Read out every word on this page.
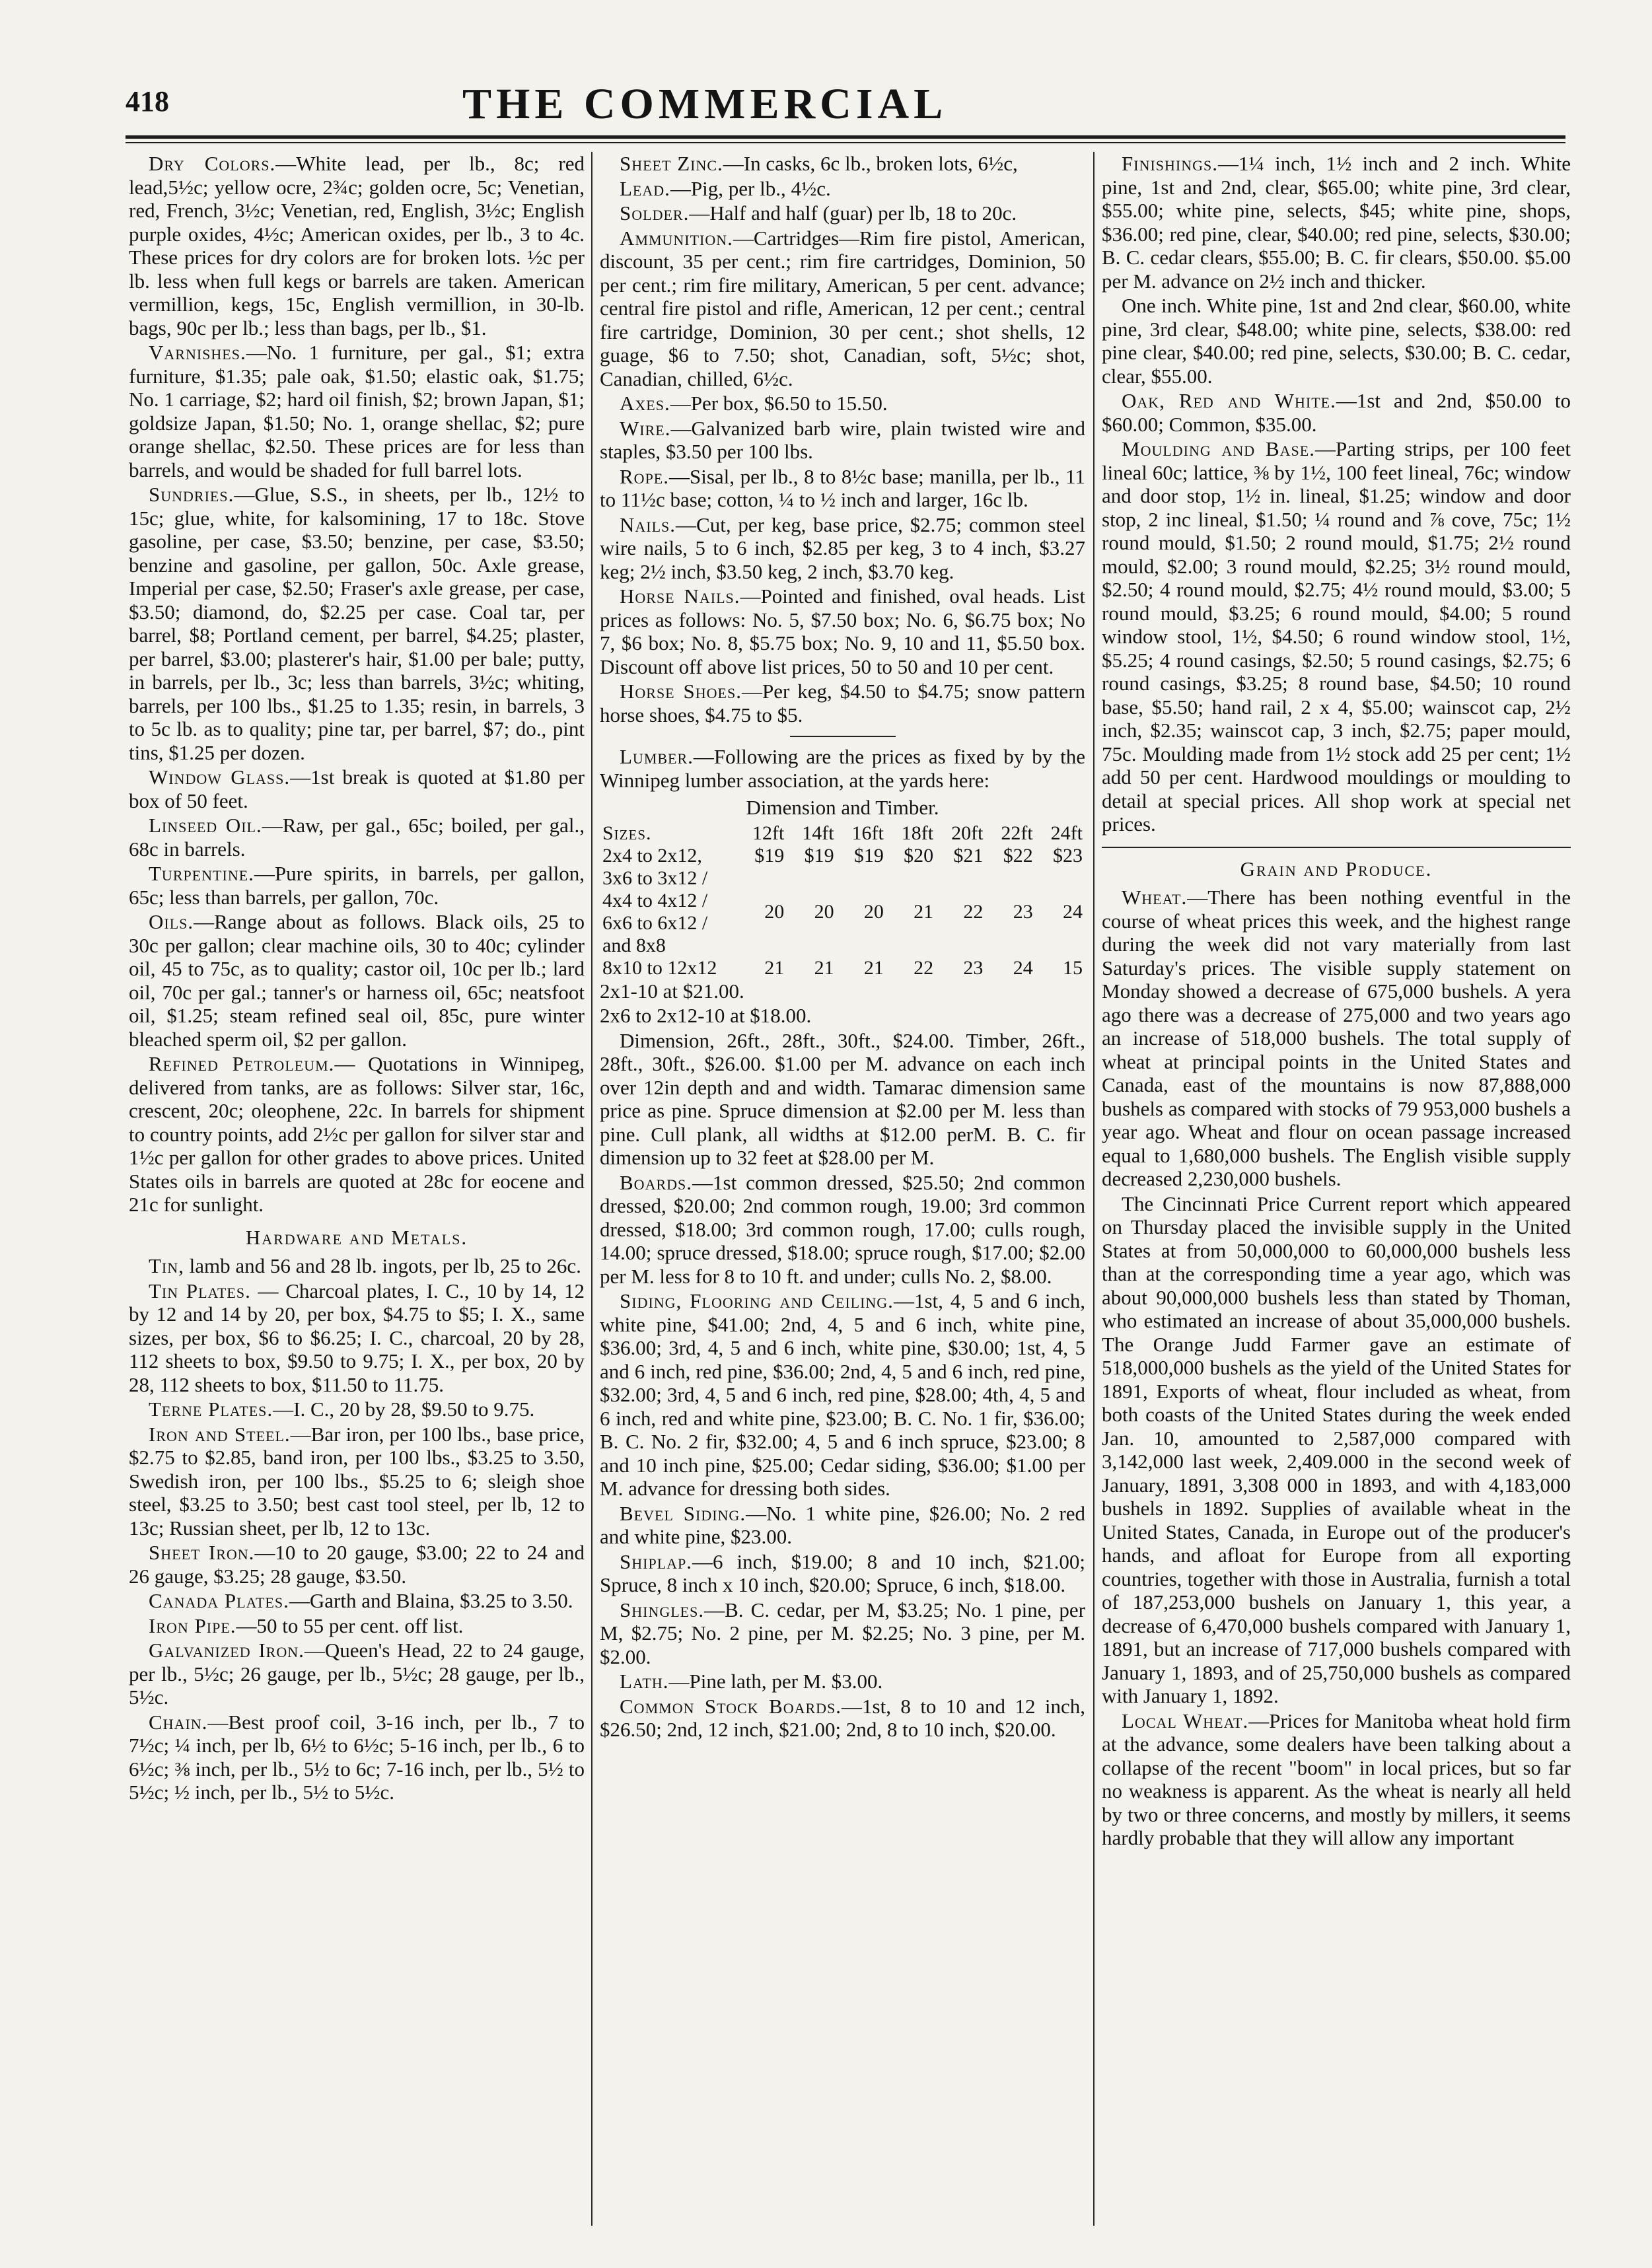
418	THE COMMERCIAL

Dry Colors.—White lead, per lb., 8c; red lead,5½c; yellow ocre, 2¾c; golden ocre, 5c; Venetian, red, French, 3½c; Venetian, red, English, 3½c; English purple oxides, 4½c; American oxides, per lb., 3 to 4c. These prices for dry colors are for broken lots. ½c per lb. less when full kegs or barrels are taken. American vermillion, kegs, 15c, English vermillion, in 30-lb. bags, 90c per lb.; less than bags, per lb., $1.

Varnishes.—No. 1 furniture, per gal., $1; extra furniture, $1.35; pale oak, $1.50; elastic oak, $1.75; No. 1 carriage, $2; hard oil finish, $2; brown Japan, $1; goldsize Japan, $1.50; No. 1, orange shellac, $2; pure orange shellac, $2.50. These prices are for less than barrels, and would be shaded for full barrel lots.

Sundries.—Glue, S.S., in sheets, per lb., 12½ to 15c; glue, white, for kalsomining, 17 to 18c. Stove gasoline, per case, $3.50; benzine, per case, $3.50; benzine and gasoline, per gallon, 50c. Axle grease, Imperial per case, $2.50; Fraser's axle grease, per case, $3.50; diamond, do, $2.25 per case. Coal tar, per barrel, $8; Portland cement, per barrel, $4.25; plaster, per barrel, $3.00; plasterer's hair, $1.00 per bale; putty, in barrels, per lb., 3c; less than barrels, 3½c; whiting, barrels, per 100 lbs., $1.25 to 1.35; resin, in barrels, 3 to 5c lb. as to quality; pine tar, per barrel, $7; do., pint tins, $1.25 per dozen.

Window Glass.—1st break is quoted at $1.80 per box of 50 feet.

Linseed Oil.—Raw, per gal., 65c; boiled, per gal., 68c in barrels.

Turpentine.—Pure spirits, in barrels, per gallon, 65c; less than barrels, per gallon, 70c.

Oils.—Range about as follows. Black oils, 25 to 30c per gallon; clear machine oils, 30 to 40c; cylinder oil, 45 to 75c, as to quality; castor oil, 10c per lb.; lard oil, 70c per gal.; tanner's or harness oil, 65c; neatsfoot oil, $1.25; steam refined seal oil, 85c, pure winter bleached sperm oil, $2 per gallon.

Refined Petroleum.— Quotations in Winnipeg, delivered from tanks, are as follows: Silver star, 16c, crescent, 20c; oleophene, 22c. In barrels for shipment to country points, add 2½c per gallon for silver star and 1½c per gallon for other grades to above prices. United States oils in barrels are quoted at 28c for eocene and 21c for sunlight.

Hardware and Metals.

Tin, lamb and 56 and 28 lb. ingots, per lb, 25 to 26c.

Tin Plates. — Charcoal plates, I. C., 10 by 14, 12 by 12 and 14 by 20, per box, $4.75 to $5; I. X., same sizes, per box, $6 to $6.25; I. C., charcoal, 20 by 28, 112 sheets to box, $9.50 to 9.75; I. X., per box, 20 by 28, 112 sheets to box, $11.50 to 11.75.

Terne Plates.—I. C., 20 by 28, $9.50 to 9.75.

Iron and Steel.—Bar iron, per 100 lbs., base price, $2.75 to $2.85, band iron, per 100 lbs., $3.25 to 3.50, Swedish iron, per 100 lbs., $5.25 to 6; sleigh shoe steel, $3.25 to 3.50; best cast tool steel, per lb, 12 to 13c; Russian sheet, per lb, 12 to 13c.

Sheet Iron.—10 to 20 gauge, $3.00; 22 to 24 and 26 gauge, $3.25; 28 gauge, $3.50.

Canada Plates.—Garth and Blaina, $3.25 to 3.50.

Iron Pipe.—50 to 55 per cent. off list.

Galvanized Iron.—Queen's Head, 22 to 24 gauge, per lb., 5½c; 26 gauge, per lb., 5½c; 28 gauge, per lb., 5½c.

Chain.—Best proof coil, 3-16 inch, per lb., 7 to 7½c; ¼ inch, per lb, 6½ to 6½c; 5-16 inch, per lb., 6 to 6½c; ⅜ inch, per lb., 5½ to 6c; 7-16 inch, per lb., 5½ to 5½c; ½ inch, per lb., 5½ to 5½c.

Sheet Zinc.—In casks, 6c lb., broken lots, 6½c,

Lead.—Pig, per lb., 4½c.

Solder.—Half and half (guar) per lb, 18 to 20c.

Ammunition.—Cartridges—Rim fire pistol, American, discount, 35 per cent.; rim fire cartridges, Dominion, 50 per cent.; rim fire military, American, 5 per cent. advance; central fire pistol and rifle, American, 12 per cent.; central fire cartridge, Dominion, 30 per cent.; shot shells, 12 guage, $6 to 7.50; shot, Canadian, soft, 5½c; shot, Canadian, chilled, 6½c.

Axes.—Per box, $6.50 to 15.50.

Wire.—Galvanized barb wire, plain twisted wire and staples, $3.50 per 100 lbs.

Rope.—Sisal, per lb., 8 to 8½c base; manilla, per lb., 11 to 11½c base; cotton, ¼ to ½ inch and larger, 16c lb.

Nails.—Cut, per keg, base price, $2.75; common steel wire nails, 5 to 6 inch, $2.85 per keg, 3 to 4 inch, $3.27 keg; 2½ inch, $3.50 keg, 2 inch, $3.70 keg.

Horse Nails.—Pointed and finished, oval heads. List prices as follows: No. 5, $7.50 box; No. 6, $6.75 box; No 7, $6 box; No. 8, $5.75 box; No. 9, 10 and 11, $5.50 box. Discount off above list prices, 50 to 50 and 10 per cent.

Horse Shoes.—Per keg, $4.50 to $4.75; snow pattern horse shoes, $4.75 to $5.

Lumber.—Following are the prices as fixed by by the Winnipeg lumber association, at the yards here:

Dimension and Timber.

Sizes.	12ft	14ft	16ft	18ft	20ft	22ft	24ft
2x4 to 2x12,	$19	$19	$19	$20	$21	$22	$23
3x6 to 3x12 / 4x4 to 4x12 / 6x6 to 6x12 / and 8x8	20	20	20	21	22	23	24
8x10 to 12x12	21	21	21	22	23	24	15

2x1-10 at $21.00.

2x6 to 2x12-10 at $18.00.

Dimension, 26ft., 28ft., 30ft., $24.00. Timber, 26ft., 28ft., 30ft., $26.00. $1.00 per M. advance on each inch over 12in depth and and width. Tamarac dimension same price as pine. Spruce dimension at $2.00 per M. less than pine. Cull plank, all widths at $12.00 perM. B. C. fir dimension up to 32 feet at $28.00 per M.

Boards.—1st common dressed, $25.50; 2nd common dressed, $20.00; 2nd common rough, 19.00; 3rd common dressed, $18.00; 3rd common rough, 17.00; culls rough, 14.00; spruce dressed, $18.00; spruce rough, $17.00; $2.00 per M. less for 8 to 10 ft. and under; culls No. 2, $8.00.

Siding, Flooring and Ceiling.—1st, 4, 5 and 6 inch, white pine, $41.00; 2nd, 4, 5 and 6 inch, white pine, $36.00; 3rd, 4, 5 and 6 inch, white pine, $30.00; 1st, 4, 5 and 6 inch, red pine, $36.00; 2nd, 4, 5 and 6 inch, red pine, $32.00; 3rd, 4, 5 and 6 inch, red pine, $28.00; 4th, 4, 5 and 6 inch, red and white pine, $23.00; B. C. No. 1 fir, $36.00; B. C. No. 2 fir, $32.00; 4, 5 and 6 inch spruce, $23.00; 8 and 10 inch pine, $25.00; Cedar siding, $36.00; $1.00 per M. advance for dressing both sides.

Bevel Siding.—No. 1 white pine, $26.00; No. 2 red and white pine, $23.00.

Shiplap.—6 inch, $19.00; 8 and 10 inch, $21.00; Spruce, 8 inch x 10 inch, $20.00; Spruce, 6 inch, $18.00.

Shingles.—B. C. cedar, per M, $3.25; No. 1 pine, per M, $2.75; No. 2 pine, per M. $2.25; No. 3 pine, per M. $2.00.

Lath.—Pine lath, per M. $3.00.

Common Stock Boards.—1st, 8 to 10 and 12 inch, $26.50; 2nd, 12 inch, $21.00; 2nd, 8 to 10 inch, $20.00.

Finishings.—1¼ inch, 1½ inch and 2 inch. White pine, 1st and 2nd, clear, $65.00; white pine, 3rd clear, $55.00; white pine, selects, $45; white pine, shops, $36.00; red pine, clear, $40.00; red pine, selects, $30.00; B. C. cedar clears, $55.00; B. C. fir clears, $50.00. $5.00 per M. advance on 2½ inch and thicker.

One inch. White pine, 1st and 2nd clear, $60.00, white pine, 3rd clear, $48.00; white pine, selects, $38.00: red pine clear, $40.00; red pine, selects, $30.00; B. C. cedar, clear, $55.00.

Oak, Red and White.—1st and 2nd, $50.00 to $60.00; Common, $35.00.

Moulding and Base.—Parting strips, per 100 feet lineal 60c; lattice, ⅜ by 1½, 100 feet lineal, 76c; window and door stop, 1½ in. lineal, $1.25; window and door stop, 2 inc lineal, $1.50; ¼ round and ⅞ cove, 75c; 1½ round mould, $1.50; 2 round mould, $1.75; 2½ round mould, $2.00; 3 round mould, $2.25; 3½ round mould, $2.50; 4 round mould, $2.75; 4½ round mould, $3.00; 5 round mould, $3.25; 6 round mould, $4.00; 5 round window stool, 1½, $4.50; 6 round window stool, 1½, $5.25; 4 round casings, $2.50; 5 round casings, $2.75; 6 round casings, $3.25; 8 round base, $4.50; 10 round base, $5.50; hand rail, 2 x 4, $5.00; wainscot cap, 2½ inch, $2.35; wainscot cap, 3 inch, $2.75; paper mould, 75c. Moulding made from 1½ stock add 25 per cent; 1½ add 50 per cent. Hardwood mouldings or moulding to detail at special prices. All shop work at special net prices.

Grain and Produce.

Wheat.—There has been nothing eventful in the course of wheat prices this week, and the highest range during the week did not vary materially from last Saturday's prices. The visible supply statement on Monday showed a decrease of 675,000 bushels. A yera ago there was a decrease of 275,000 and two years ago an increase of 518,000 bushels. The total supply of wheat at principal points in the United States and Canada, east of the mountains is now 87,888,000 bushels as compared with stocks of 79 953,000 bushels a year ago. Wheat and flour on ocean passage increased equal to 1,680,000 bushels. The English visible supply decreased 2,230,000 bushels.

The Cincinnati Price Current report which appeared on Thursday placed the invisible supply in the United States at from 50,000,000 to 60,000,000 bushels less than at the corresponding time a year ago, which was about 90,000,000 bushels less than stated by Thoman, who estimated an increase of about 35,000,000 bushels. The Orange Judd Farmer gave an estimate of 518,000,000 bushels as the yield of the United States for 1891, Exports of wheat, flour included as wheat, from both coasts of the United States during the week ended Jan. 10, amounted to 2,587,000 compared with 3,142,000 last week, 2,409.000 in the second week of January, 1891, 3,308 000 in 1893, and with 4,183,000 bushels in 1892. Supplies of available wheat in the United States, Canada, in Europe out of the producer's hands, and afloat for Europe from all exporting countries, together with those in Australia, furnish a total of 187,253,000 bushels on January 1, this year, a decrease of 6,470,000 bushels compared with January 1, 1891, but an increase of 717,000 bushels compared with January 1, 1893, and of 25,750,000 bushels as compared with January 1, 1892.

Local Wheat.—Prices for Manitoba wheat hold firm at the advance, some dealers have been talking about a collapse of the recent "boom" in local prices, but so far no weakness is apparent. As the wheat is nearly all held by two or three concerns, and mostly by millers, it seems hardly probable that they will allow any important
